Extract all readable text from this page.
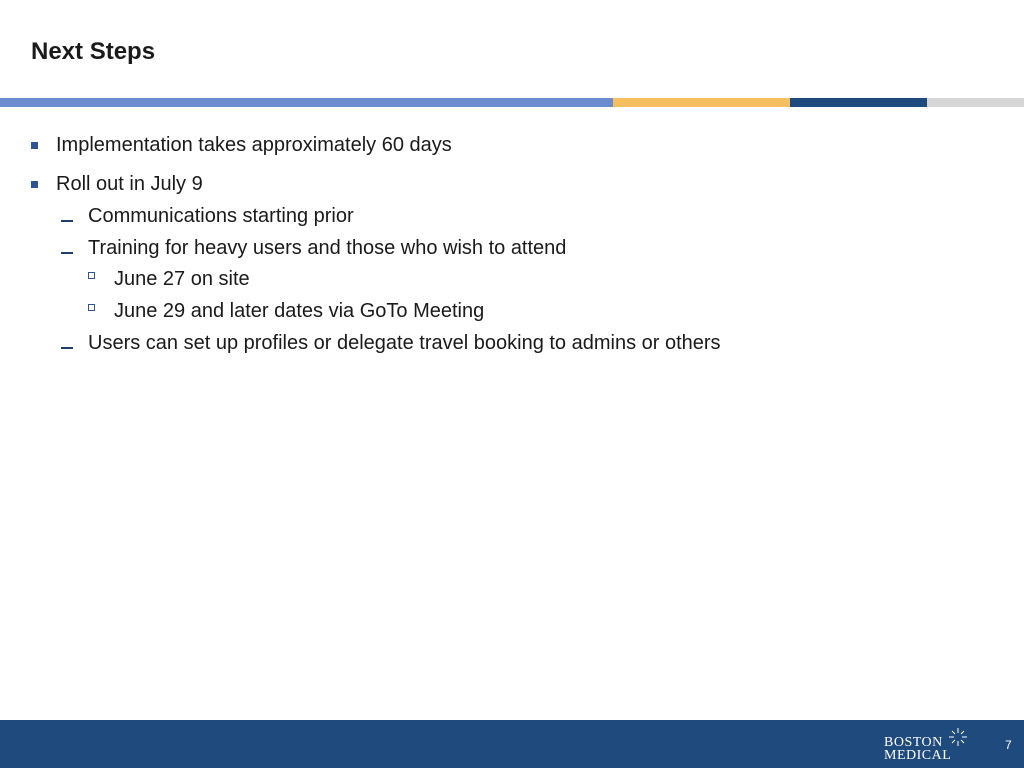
Next Steps
Implementation takes approximately 60 days
Roll out in July 9
Communications starting prior
Training for heavy users and those who wish to attend
June 27 on site
June 29 and later dates via GoTo Meeting
Users can set up profiles or delegate travel booking to admins or others
BOSTON
MEDICAL
7
